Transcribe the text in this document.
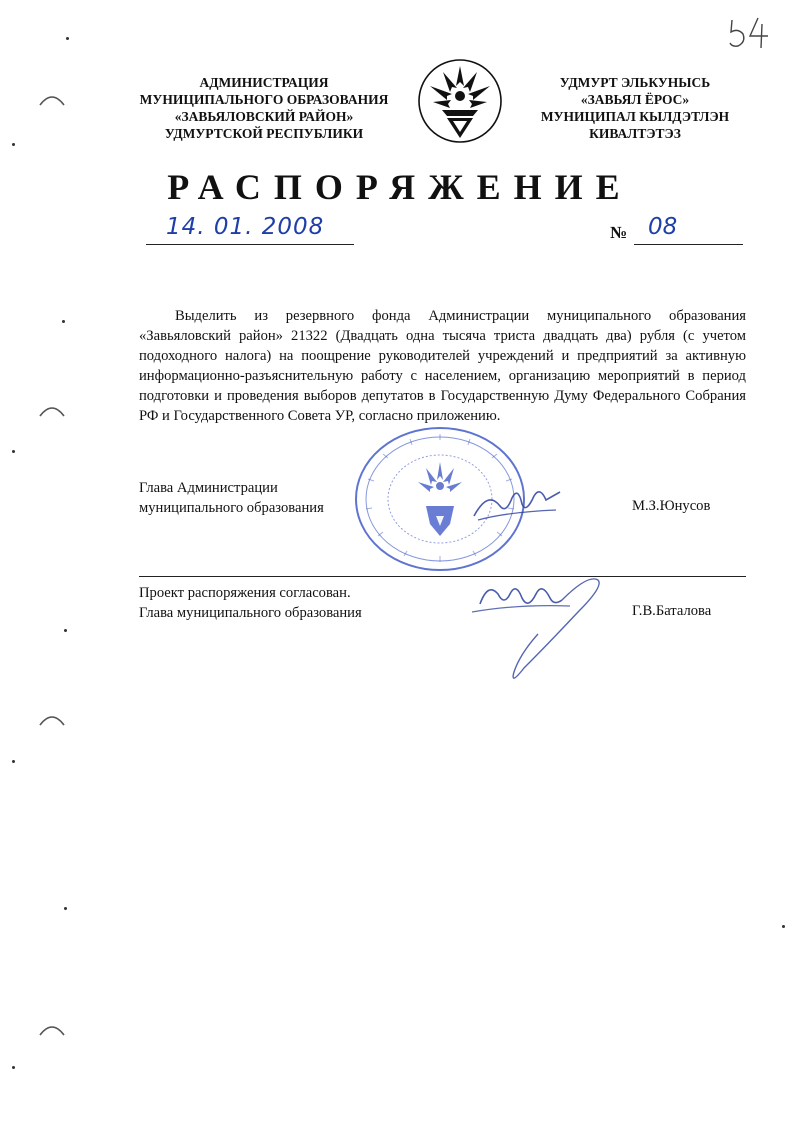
АДМИНИСТРАЦИЯ
МУНИЦИПАЛЬНОГО ОБРАЗОВАНИЯ
«ЗАВЬЯЛОВСКИЙ РАЙОН»
УДМУРТСКОЙ РЕСПУБЛИКИ
УДМУРТ ЭЛЬКУНЫСЬ
«ЗАВЬЯЛ ЁРОС»
МУНИЦИПАЛ КЫЛДЭТЛЭН
КИВАЛТЭТЭЗ
РАСПОРЯЖЕНИЕ
14. 01. 2008	№ 08

Выделить из резервного фонда Администрации муниципального образования «Завьяловский район» 21322 (Двадцать одна тысяча триста двадцать два) рубля (с учетом подоходного налога) на поощрение руководителей учреждений и предприятий за активную информационно-разъяснительную работу с населением, организацию мероприятий в период подготовки и проведения выборов депутатов в Государственную Думу Федерального Собрания РФ и Государственного Совета УР, согласно приложению.

Глава Администрации
муниципального образования	М.З.Юнусов
Проект распоряжения согласован.
Глава муниципального образования	Г.В.Баталова
